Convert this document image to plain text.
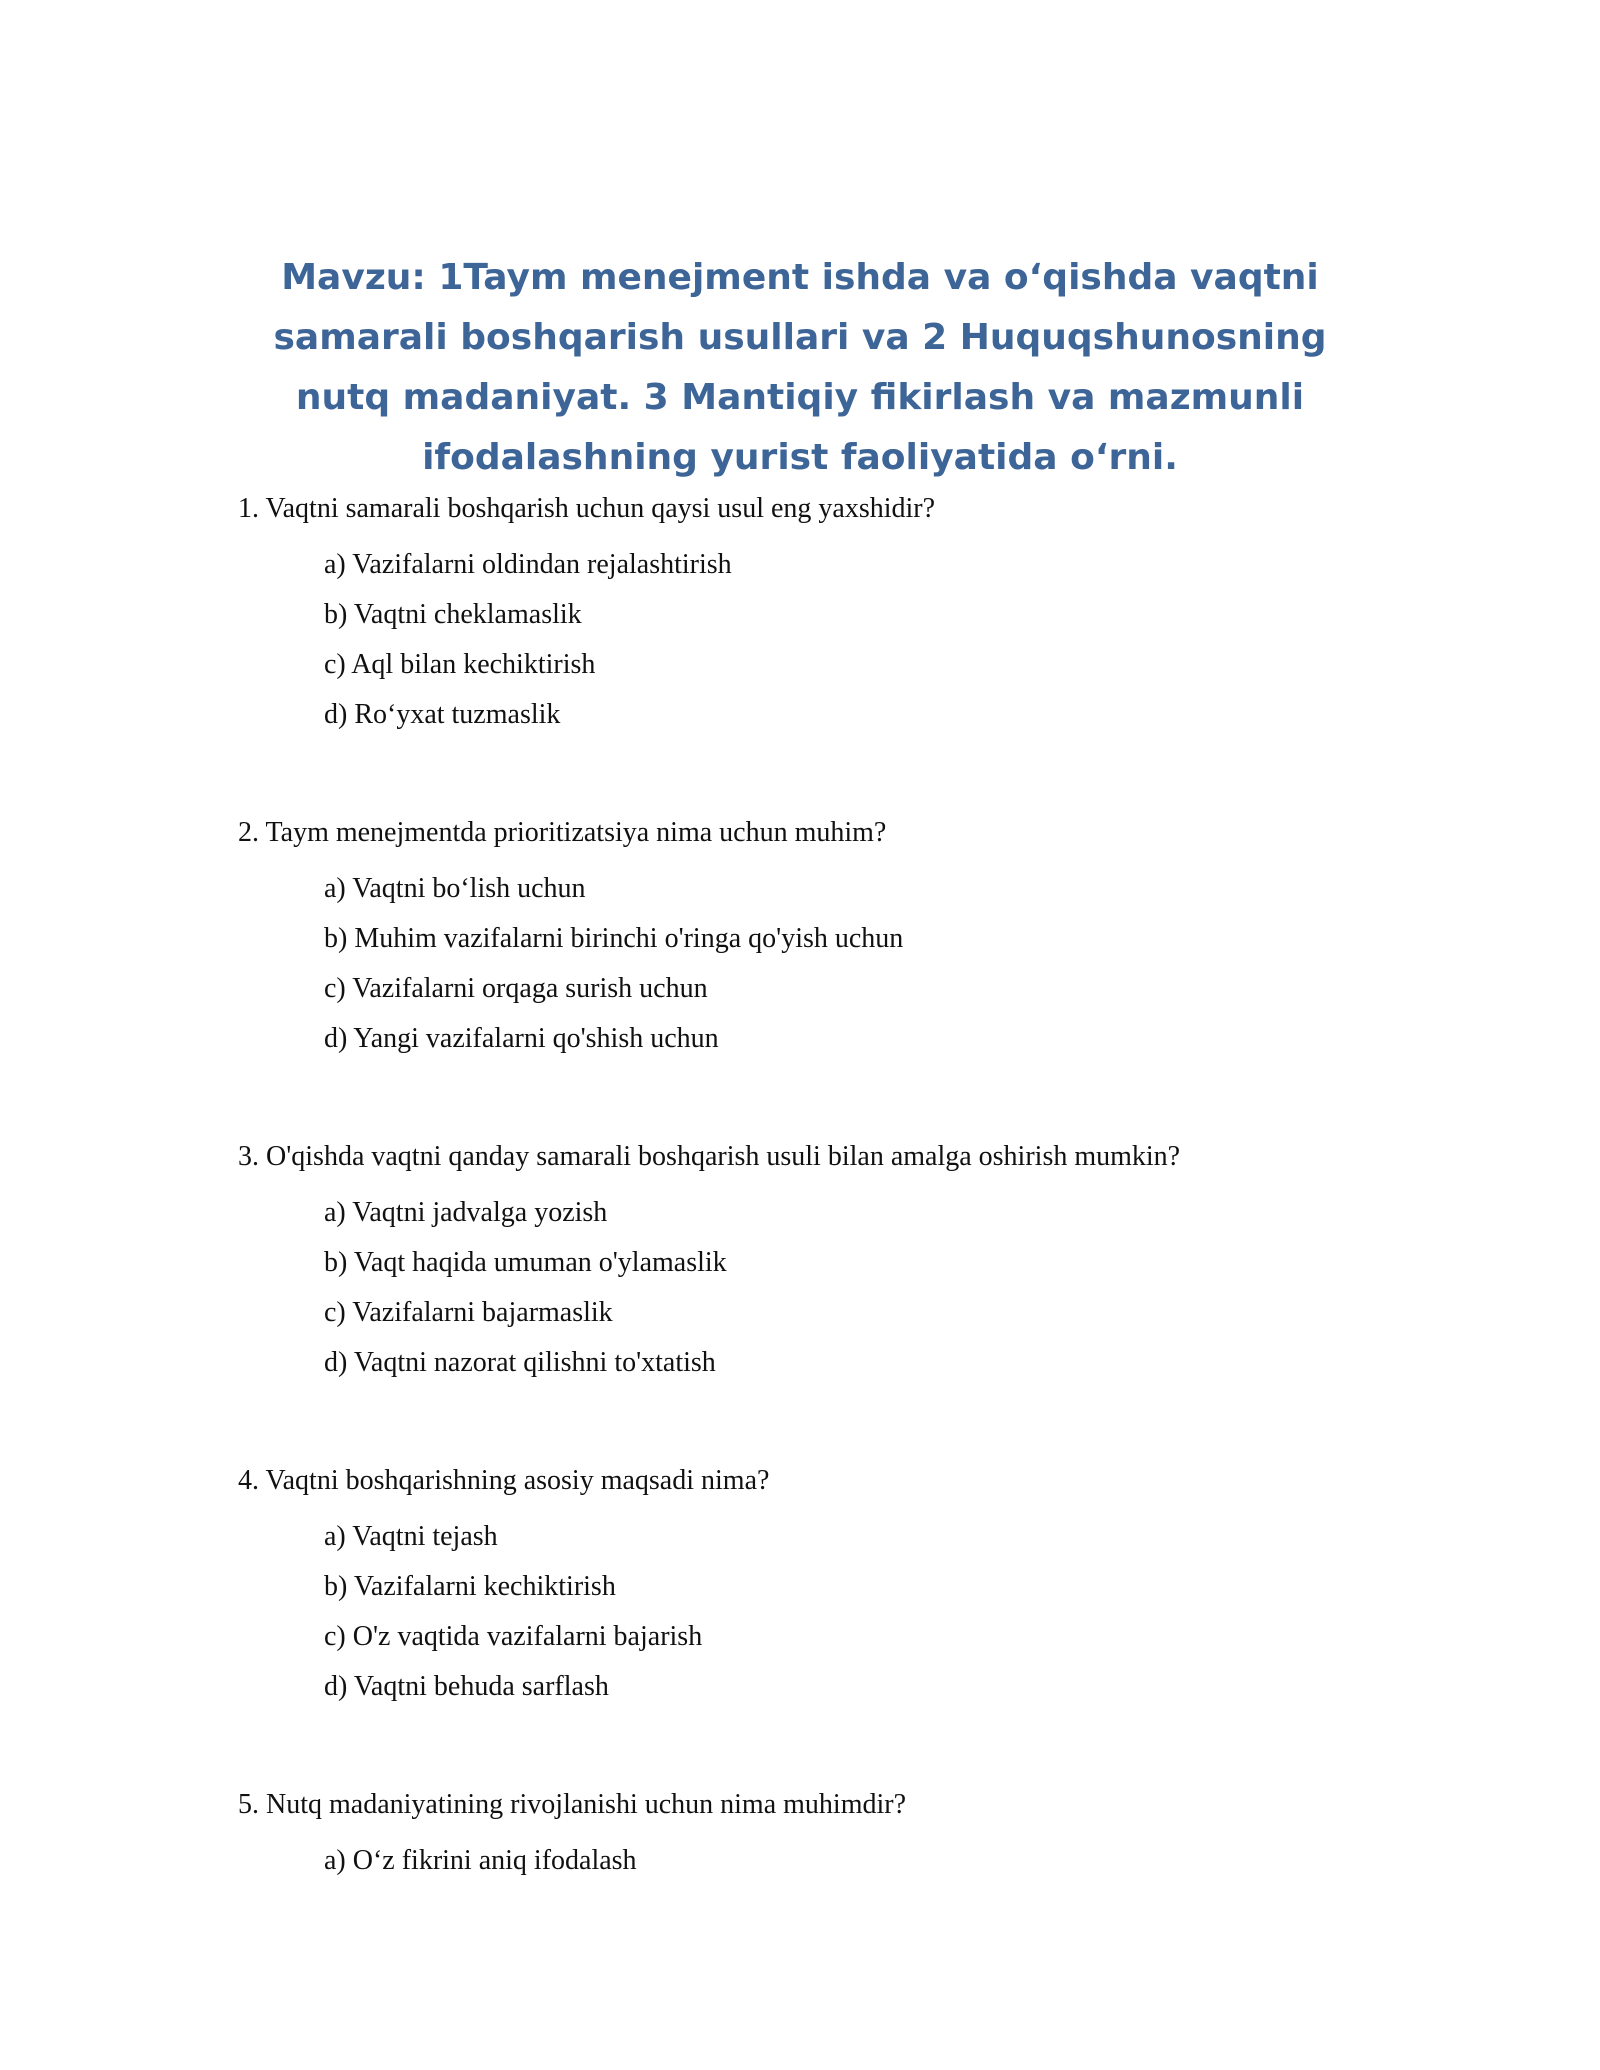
Mavzu: 1Taym menejment ishda va o‘qishda vaqtni samarali boshqarish usullari va 2 Huquqshunosning nutq madaniyat. 3 Mantiqiy fikirlash va mazmunli ifodalashning yurist faoliyatida o‘rni.

1. Vaqtni samarali boshqarish uchun qaysi usul eng yaxshidir?

a) Vazifalarni oldindan rejalashtirish
b) Vaqtni cheklamaslik
c) Aql bilan kechiktirish
d) Ro‘yxat tuzmaslik

2. Taym menejmentda prioritizatsiya nima uchun muhim?

a) Vaqtni bo‘lish uchun
b) Muhim vazifalarni birinchi o'ringa qo'yish uchun
c) Vazifalarni orqaga surish uchun
d) Yangi vazifalarni qo'shish uchun

3. O'qishda vaqtni qanday samarali boshqarish usuli bilan amalga oshirish mumkin?

a) Vaqtni jadvalga yozish
b) Vaqt haqida umuman o'ylamaslik
c) Vazifalarni bajarmaslik
d) Vaqtni nazorat qilishni to'xtatish

4. Vaqtni boshqarishning asosiy maqsadi nima?

a) Vaqtni tejash
b) Vazifalarni kechiktirish
c) O'z vaqtida vazifalarni bajarish
d) Vaqtni behuda sarflash

5. Nutq madaniyatining rivojlanishi uchun nima muhimdir?

a) O‘z fikrini aniq ifodalash
